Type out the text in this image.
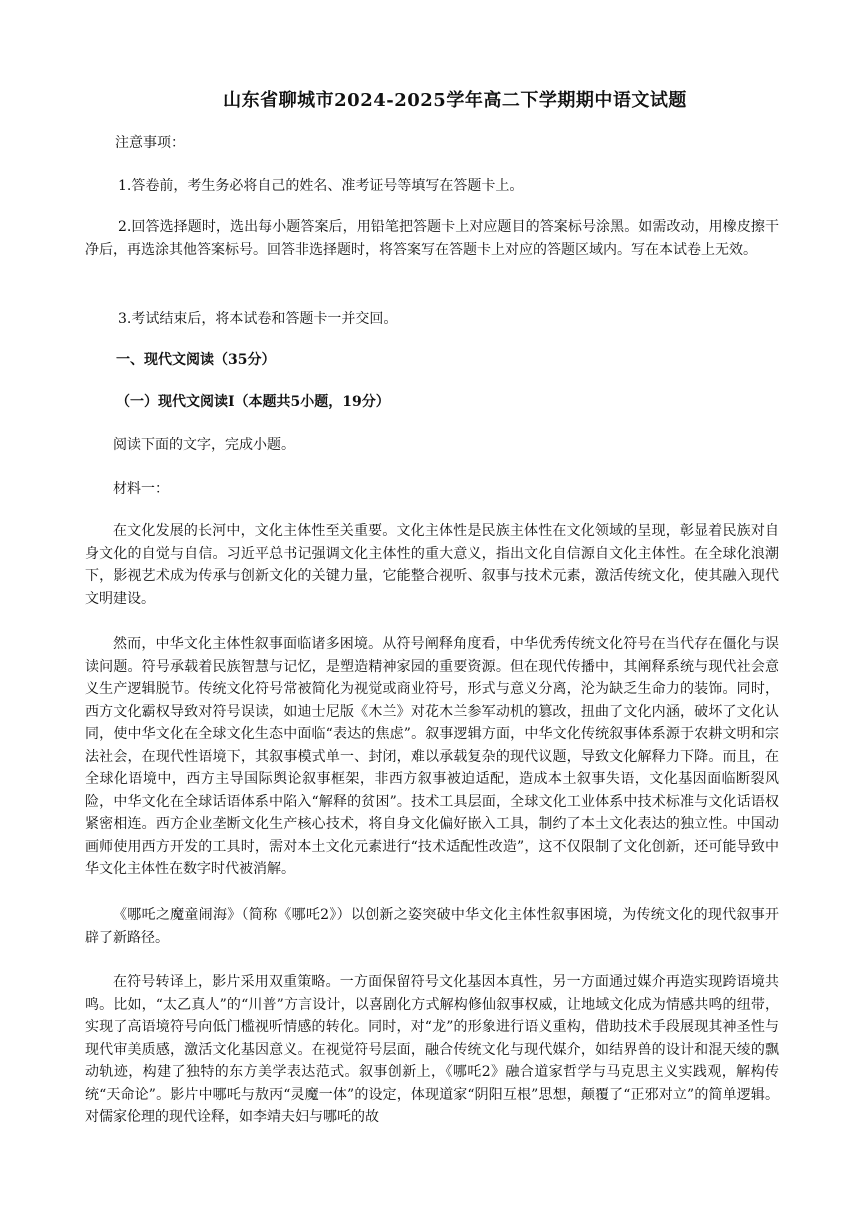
山东省聊城市2024-2025学年高二下学期期中语文试题
注意事项：
1.答卷前，考生务必将自己的姓名、准考证号等填写在答题卡上。
2.回答选择题时，选出每小题答案后，用铅笔把答题卡上对应题目的答案标号涂黑。如需改动，用橡皮擦干净后，再选涂其他答案标号。回答非选择题时，将答案写在答题卡上对应的答题区域内。写在本试卷上无效。
3.考试结束后，将本试卷和答题卡一并交回。
一、现代文阅读（35分）
（一）现代文阅读Ⅰ（本题共5小题，19分）
阅读下面的文字，完成小题。
材料一：
在文化发展的长河中，文化主体性至关重要。文化主体性是民族主体性在文化领域的呈现，彰显着民族对自身文化的自觉与自信。习近平总书记强调文化主体性的重大意义，指出文化自信源自文化主体性。在全球化浪潮下，影视艺术成为传承与创新文化的关键力量，它能整合视听、叙事与技术元素，激活传统文化，使其融入现代文明建设。
然而，中华文化主体性叙事面临诸多困境。从符号阐释角度看，中华优秀传统文化符号在当代存在僵化与误读问题。符号承载着民族智慧与记忆，是塑造精神家园的重要资源。但在现代传播中，其阐释系统与现代社会意义生产逻辑脱节。传统文化符号常被简化为视觉或商业符号，形式与意义分离，沦为缺乏生命力的装饰。同时，西方文化霸权导致对符号误读，如迪士尼版《木兰》对花木兰参军动机的篡改，扭曲了文化内涵，破坏了文化认同，使中华文化在全球文化生态中面临“表达的焦虑”。叙事逻辑方面，中华文化传统叙事体系源于农耕文明和宗法社会，在现代性语境下，其叙事模式单一、封闭，难以承载复杂的现代议题，导致文化解释力下降。而且，在全球化语境中，西方主导国际舆论叙事框架，非西方叙事被迫适配，造成本土叙事失语，文化基因面临断裂风险，中华文化在全球话语体系中陷入“解释的贫困”。技术工具层面，全球文化工业体系中技术标准与文化话语权紧密相连。西方企业垄断文化生产核心技术，将自身文化偏好嵌入工具，制约了本土文化表达的独立性。中国动画师使用西方开发的工具时，需对本土文化元素进行“技术适配性改造”，这不仅限制了文化创新，还可能导致中华文化主体性在数字时代被消解。
《哪吒之魔童闹海》（简称《哪吒2》）以创新之姿突破中华文化主体性叙事困境，为传统文化的现代叙事开辟了新路径。
在符号转译上，影片采用双重策略。一方面保留符号文化基因本真性，另一方面通过媒介再造实现跨语境共鸣。比如，“太乙真人”的“川普”方言设计，以喜剧化方式解构修仙叙事权威，让地域文化成为情感共鸣的纽带，实现了高语境符号向低门槛视听情感的转化。同时，对“龙”的形象进行语义重构，借助技术手段展现其神圣性与现代审美质感，激活文化基因意义。在视觉符号层面，融合传统文化与现代媒介，如结界兽的设计和混天绫的飘动轨迹，构建了独特的东方美学表达范式。叙事创新上，《哪吒2》融合道家哲学与马克思主义实践观，解构传统“天命论”。影片中哪吒与敖丙“灵魔一体”的设定，体现道家“阴阳互根”思想，颠覆了“正邪对立”的简单逻辑。对儒家伦理的现代诠释，如李靖夫妇与哪吒的故
